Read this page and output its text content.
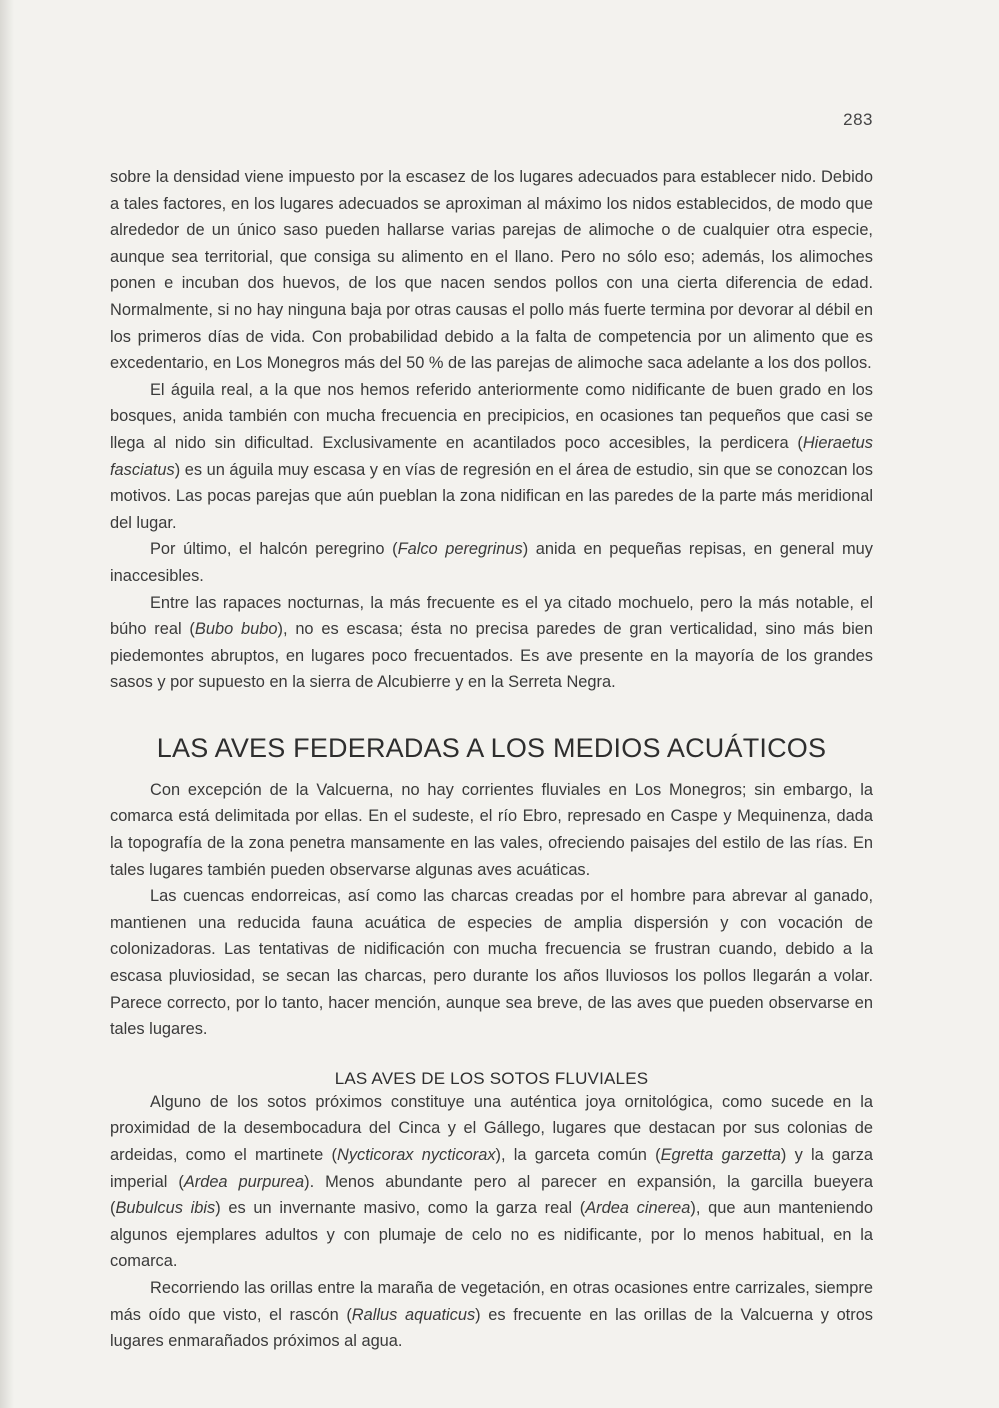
283

sobre la densidad viene impuesto por la escasez de los lugares adecuados para establecer nido. Debido a tales factores, en los lugares adecuados se aproximan al máximo los nidos establecidos, de modo que alrededor de un único saso pueden hallarse varias parejas de alimoche o de cualquier otra especie, aunque sea territorial, que consiga su alimento en el llano. Pero no sólo eso; además, los alimoches ponen e incuban dos huevos, de los que nacen sendos pollos con una cierta diferencia de edad. Normalmente, si no hay ninguna baja por otras causas el pollo más fuerte termina por devorar al débil en los primeros días de vida. Con probabilidad debido a la falta de competencia por un alimento que es excedentario, en Los Monegros más del 50 % de las parejas de alimoche saca adelante a los dos pollos.

El águila real, a la que nos hemos referido anteriormente como nidificante de buen grado en los bosques, anida también con mucha frecuencia en precipicios, en ocasiones tan pequeños que casi se llega al nido sin dificultad. Exclusivamente en acantilados poco accesibles, la perdicera (Hieraetus fasciatus) es un águila muy escasa y en vías de regresión en el área de estudio, sin que se conozcan los motivos. Las pocas parejas que aún pueblan la zona nidifican en las paredes de la parte más meridional del lugar.

Por último, el halcón peregrino (Falco peregrinus) anida en pequeñas repisas, en general muy inaccesibles.

Entre las rapaces nocturnas, la más frecuente es el ya citado mochuelo, pero la más notable, el búho real (Bubo bubo), no es escasa; ésta no precisa paredes de gran verticalidad, sino más bien piedemontes abruptos, en lugares poco frecuentados. Es ave presente en la mayoría de los grandes sasos y por supuesto en la sierra de Alcubierre y en la Serreta Negra.

LAS AVES FEDERADAS A LOS MEDIOS ACUÁTICOS

Con excepción de la Valcuerna, no hay corrientes fluviales en Los Monegros; sin embargo, la comarca está delimitada por ellas. En el sudeste, el río Ebro, represado en Caspe y Mequinenza, dada la topografía de la zona penetra mansamente en las vales, ofreciendo paisajes del estilo de las rías. En tales lugares también pueden observarse algunas aves acuáticas.

Las cuencas endorreicas, así como las charcas creadas por el hombre para abrevar al ganado, mantienen una reducida fauna acuática de especies de amplia dispersión y con vocación de colonizadoras. Las tentativas de nidificación con mucha frecuencia se frustran cuando, debido a la escasa pluviosidad, se secan las charcas, pero durante los años lluviosos los pollos llegarán a volar. Parece correcto, por lo tanto, hacer mención, aunque sea breve, de las aves que pueden observarse en tales lugares.

LAS AVES DE LOS SOTOS FLUVIALES

Alguno de los sotos próximos constituye una auténtica joya ornitológica, como sucede en la proximidad de la desembocadura del Cinca y el Gállego, lugares que destacan por sus colonias de ardeidas, como el martinete (Nycticorax nycticorax), la garceta común (Egretta garzetta) y la garza imperial (Ardea purpurea). Menos abundante pero al parecer en expansión, la garcilla bueyera (Bubulcus ibis) es un invernante masivo, como la garza real (Ardea cinerea), que aun manteniendo algunos ejemplares adultos y con plumaje de celo no es nidificante, por lo menos habitual, en la comarca.

Recorriendo las orillas entre la maraña de vegetación, en otras ocasiones entre carrizales, siempre más oído que visto, el rascón (Rallus aquaticus) es frecuente en las orillas de la Valcuerna y otros lugares enmarañados próximos al agua.
